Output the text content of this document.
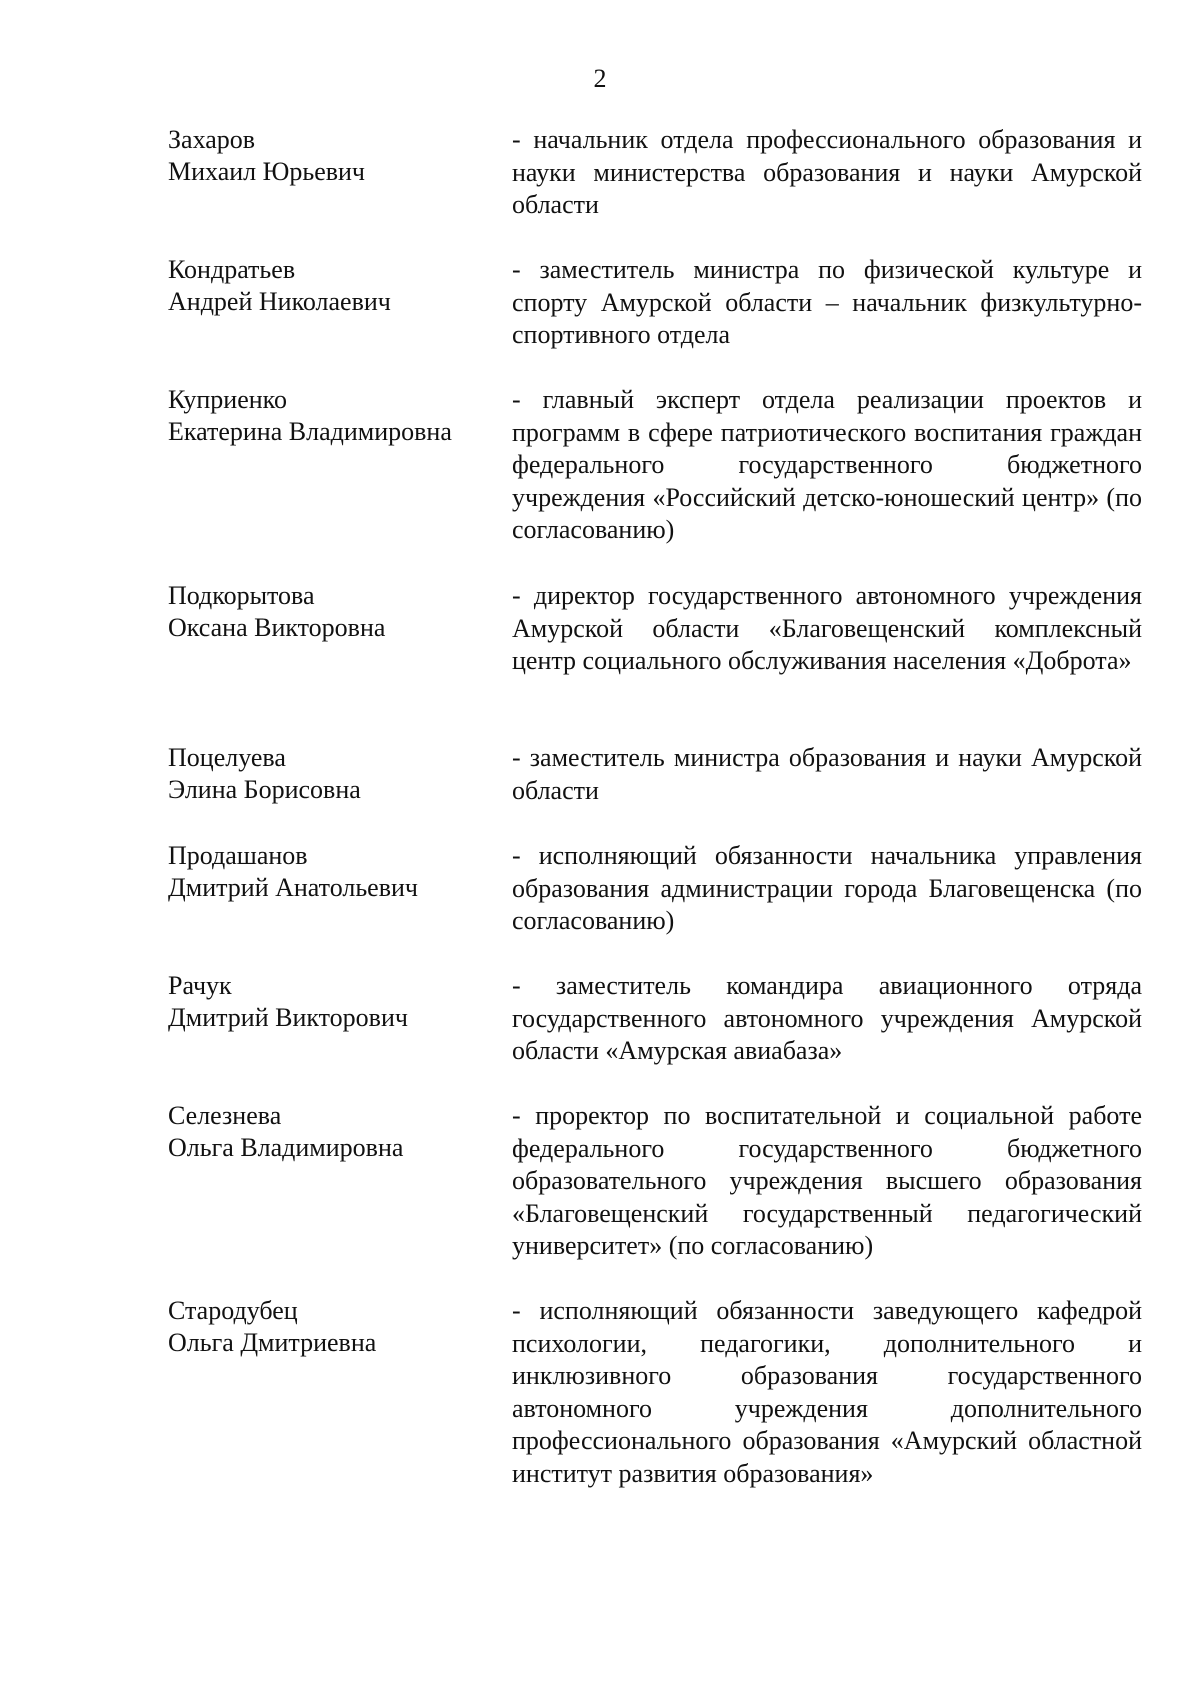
2
Захаров
Михаил Юрьевич
- начальник отдела профессионального образования и науки министерства образования и науки Амурской области
Кондратьев
Андрей Николаевич
- заместитель министра по физической культуре и спорту Амурской области – начальник физкультурно-спортивного отдела
Куприенко
Екатерина Владимировна
- главный эксперт отдела реализации проектов и программ в сфере патриотического воспитания граждан федерального государственного бюджетного учреждения «Российский детско-юношеский центр» (по согласованию)
Подкорытова
Оксана Викторовна
- директор государственного автономного учреждения Амурской области «Благовещенский комплексный центр социального обслуживания населения «Доброта»
Поцелуева
Элина Борисовна
- заместитель министра образования и науки Амурской области
Продашанов
Дмитрий Анатольевич
- исполняющий обязанности начальника управления образования администрации города Благовещенска (по согласованию)
Рачук
Дмитрий Викторович
- заместитель командира авиационного отряда государственного автономного учреждения Амурской области «Амурская авиабаза»
Селезнева
Ольга Владимировна
- проректор по воспитательной и социальной работе федерального государственного бюджетного образовательного учреждения высшего образования «Благовещенский государственный педагогический университет» (по согласованию)
Стародубец
Ольга Дмитриевна
- исполняющий обязанности заведующего кафедрой психологии, педагогики, дополнительного и инклюзивного образования государственного автономного учреждения дополнительного профессионального образования «Амурский областной институт развития образования»
